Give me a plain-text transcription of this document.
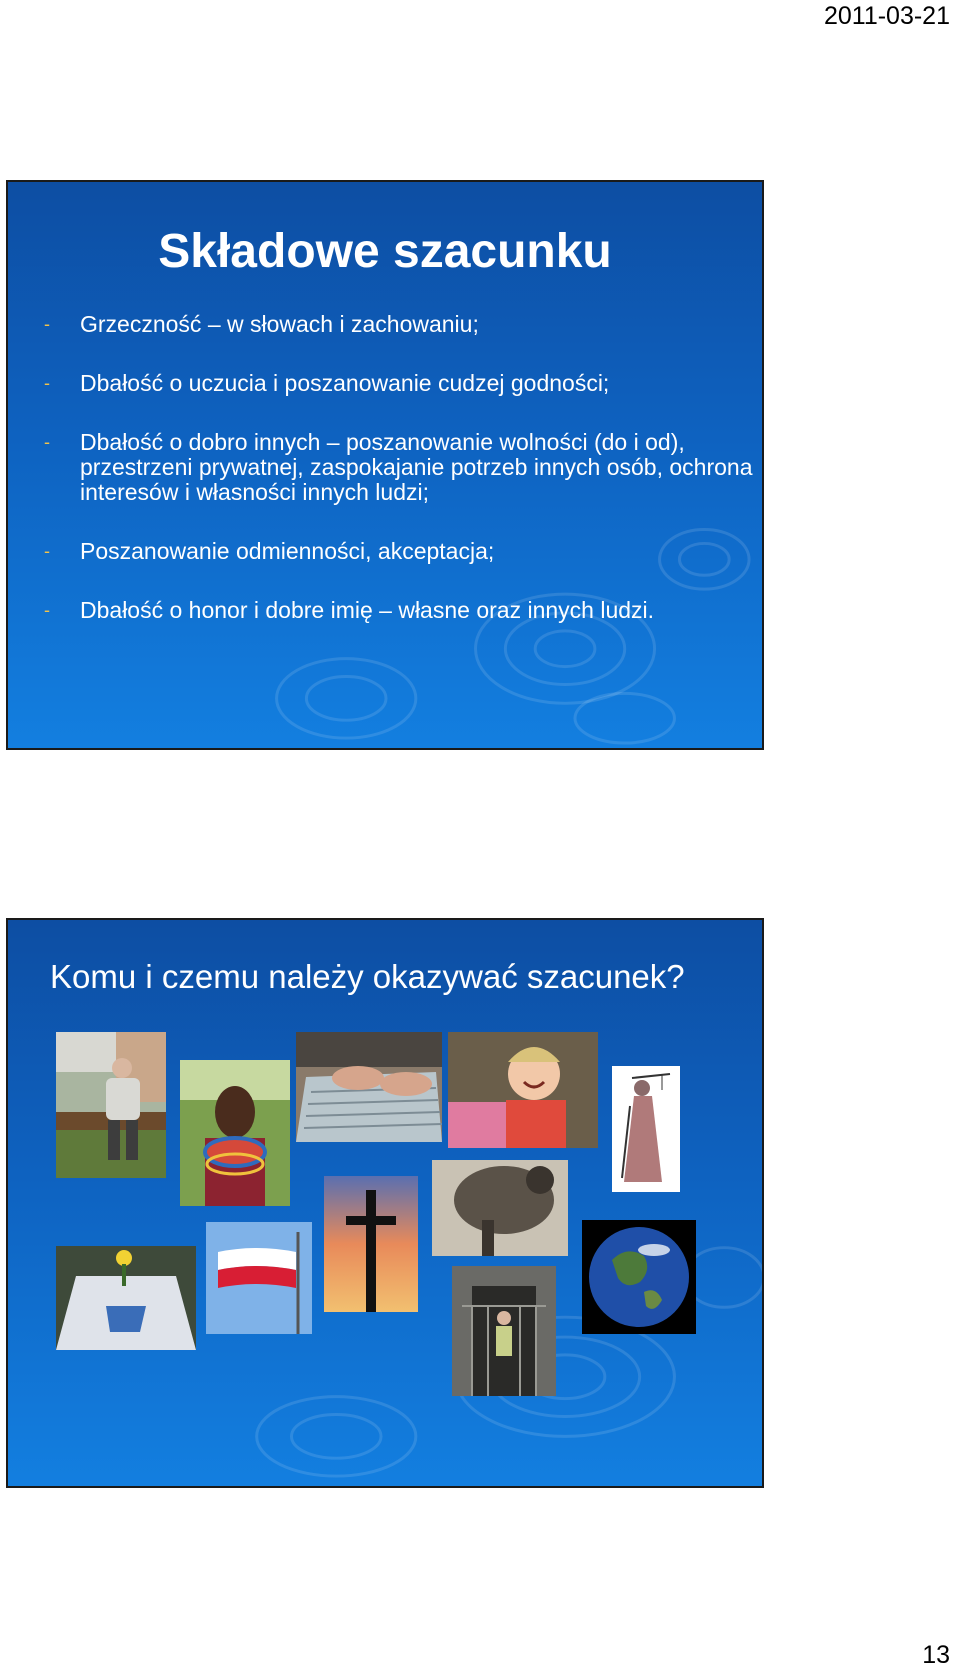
2011-03-21
Składowe szacunku
- Grzeczność – w słowach i zachowaniu;
- Dbałość o uczucia i poszanowanie cudzej godności;
- Dbałość o dobro innych – poszanowanie wolności (do i od), przestrzeni prywatnej, zaspokajanie potrzeb innych osób, ochrona interesów i własności innych ludzi;
- Poszanowanie odmienności, akceptacja;
- Dbałość o honor i dobre imię – własne oraz innych ludzi.
Komu i czemu należy okazywać szacunek?
13
